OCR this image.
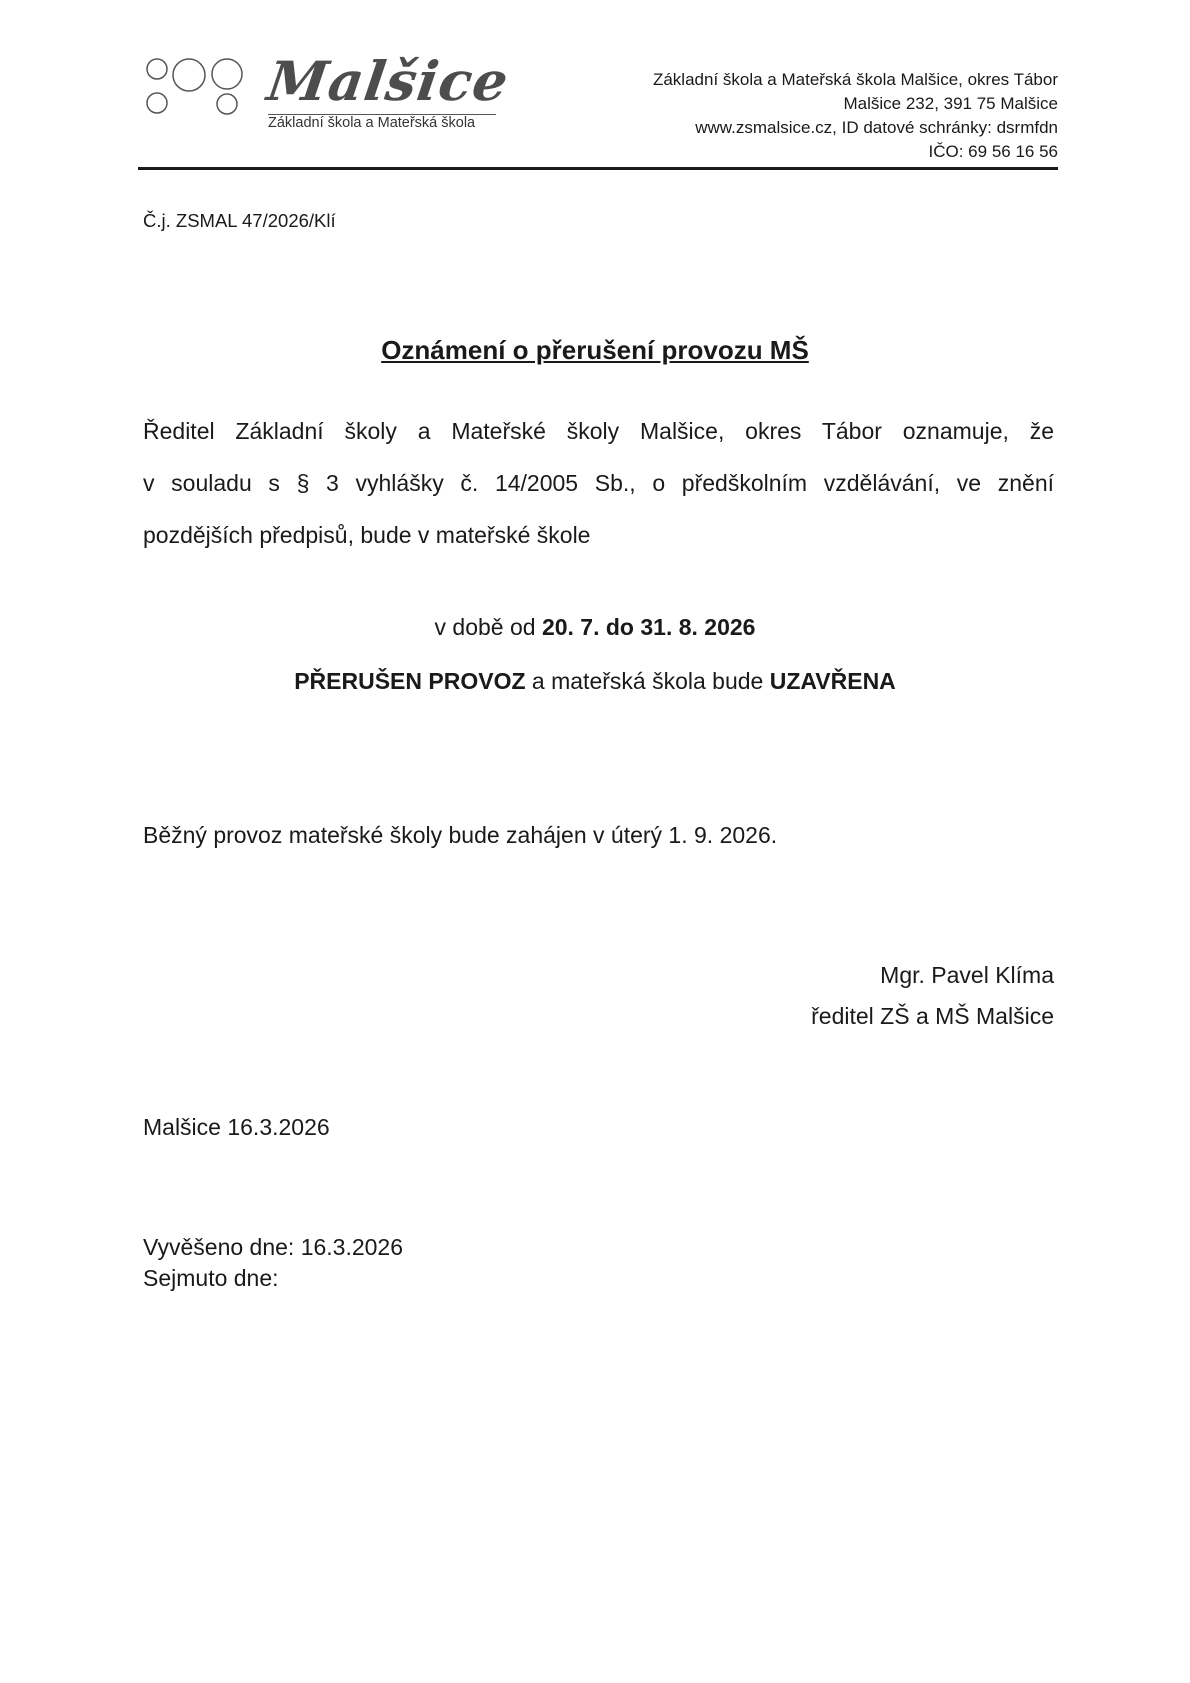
Malšice
Základní škola a Mateřská škola
Základní škola a Mateřská škola Malšice, okres Tábor
Malšice 232, 391 75 Malšice
www.zsmalsice.cz, ID datové schránky: dsrmfdn
IČO: 69 56 16 56
Č.j. ZSMAL 47/2026/Klí
Oznámení o přerušení provozu MŠ
Ředitel Základní školy a Mateřské školy Malšice, okres Tábor oznamuje, že
v souladu s § 3 vyhlášky č. 14/2005 Sb., o předškolním vzdělávání, ve znění
pozdějších předpisů, bude v mateřské škole
v době od 20. 7. do 31. 8. 2026
PŘERUŠEN PROVOZ a mateřská škola bude UZAVŘENA
Běžný provoz mateřské školy bude zahájen v úterý 1. 9. 2026.
Mgr. Pavel Klíma
ředitel ZŠ a MŠ Malšice
Malšice 16.3.2026
Vyvěšeno dne: 16.3.2026
Sejmuto dne:
